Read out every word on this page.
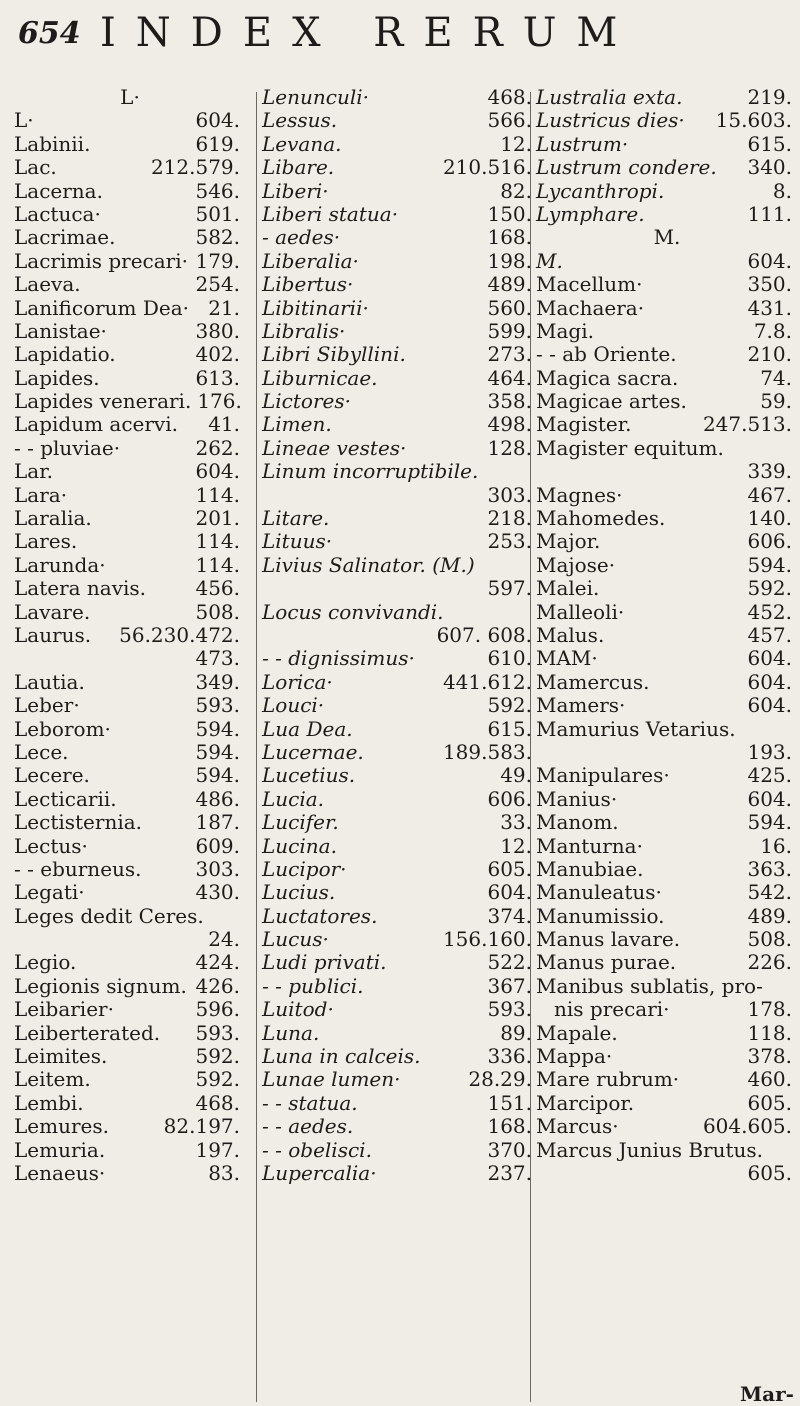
654 INDEX RERUM
L·
L·	604.
Labinii.	619.
Lac.	212.579.
Lacerna.	546.
Lactuca·	501.
Lacrimae.	582.
Lacrimis precari· 179.
Laeva.	254.
Lanificorum Dea· 21.
Lanistae·	380.
Lapidatio.	402.
Lapides.	613.
Lapides venerari. 176.
Lapidum acervi.	41.
- - pluviae·	262.
Lar.	604.
Lara·	114.
Laralia.	201.
Lares.	114.
Larunda·	114.
Latera navis.	456.
Lavare.	508.
Laurus.	56.230.472.
473.
Lautia.	349.
Leber·	593.
Leborom·	594.
Lece.	594.
Lecere.	594.
Lecticarii.	486.
Lectisternia.	187.
Lectus·	609.
- - eburneus.	303.
Legati·	430.
Leges dedit Ceres.
24.
Legio.	424.
Legionis signum. 426.
Leibarier·	596.
Leiberterated.	593.
Leimites.	592.
Leitem.	592.
Lembi.	468.
Lemures.	82.197.
Lemuria.	197.
Lenaeus·	83.
Lenunculi·	468.
Lessus.	566.
Levana.	12.
Libare.	210.516.
Liberi·	82.
Liberi statua·	150.
- aedes·	168.
Liberalia·	198.
Libertus·	489.
Libitinarii·	560.
Libralis·	599.
Libri Sibyllini.	273.
Liburnicae.	464.
Lictores·	358.
Limen.	498.
Lineae vestes·	128.
Linum incorruptibile.
303.
Litare.	218.
Lituus·	253.
Livius Salinator. (M.)
597.
Locus convivandi.
607. 608.
- - dignissimus·	610.
Lorica·	441.612.
Louci·	592.
Lua Dea.	615.
Lucernae.	189.583.
Lucetius.	49.
Lucia.	606.
Lucifer.	33.
Lucina.	12.
Lucipor·	605.
Lucius.	604.
Luctatores.	374.
Lucus·	156.160.
Ludi privati.	522.
- - publici.	367.
Luitod·	593.
Luna.	89.
Luna in calceis.	336.
Lunae lumen·	28.29.
- - statua.	151.
- - aedes.	168.
- - obelisci.	370.
Lupercalia·	237.
Lustralia exta.	219.
Lustricus dies·	15.603.
Lustrum·	615.
Lustrum condere.	340.
Lycanthropi.	8.
Lymphare.	111.
M.
M.	604.
Macellum·	350.
Machaera·	431.
Magi.	7.8.
- - ab Oriente.	210.
Magica sacra.	74.
Magicae artes.	59.
Magister.	247.513.
Magister equitum.
339.
Magnes·	467.
Mahomedes.	140.
Major.	606.
Majose·	594.
Malei.	592.
Malleoli·	452.
Malus.	457.
MAM·	604.
Mamercus.	604.
Mamers·	604.
Mamurius Vetarius.
193.
Manipulares·	425.
Manius·	604.
Manom.	594.
Manturna·	16.
Manubiae.	363.
Manuleatus·	542.
Manumissio.	489.
Manus lavare.	508.
Manus purae.	226.
Manibus sublatis, pro-
nis precari·	178.
Mapale.	118.
Mappa·	378.
Mare rubrum·	460.
Marcipor.	605.
Marcus·	604.605.
Marcus Junius Brutus.
605.
Mar-
